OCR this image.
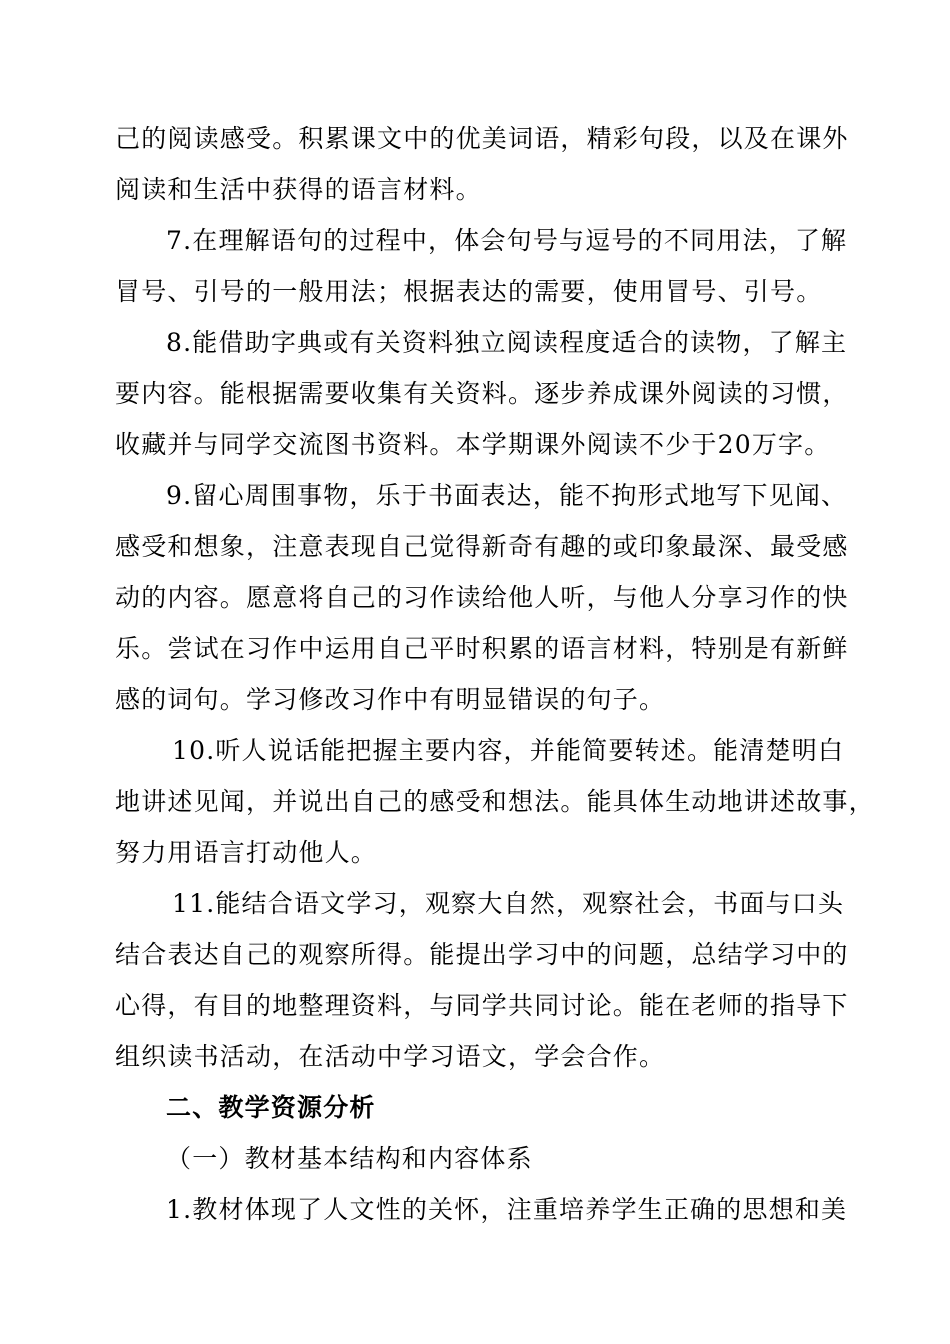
己的阅读感受。积累课文中的优美词语，精彩句段，以及在课外
阅读和生活中获得的语言材料。
7.在理解语句的过程中，体会句号与逗号的不同用法，了解
冒号、引号的一般用法；根据表达的需要，使用冒号、引号。
8.能借助字典或有关资料独立阅读程度适合的读物，了解主
要内容。能根据需要收集有关资料。逐步养成课外阅读的习惯，
收藏并与同学交流图书资料。本学期课外阅读不少于20万字。
9.留心周围事物，乐于书面表达，能不拘形式地写下见闻、
感受和想象，注意表现自己觉得新奇有趣的或印象最深、最受感
动的内容。愿意将自己的习作读给他人听，与他人分享习作的快
乐。尝试在习作中运用自己平时积累的语言材料，特别是有新鲜
感的词句。学习修改习作中有明显错误的句子。
10.听人说话能把握主要内容，并能简要转述。能清楚明白
地讲述见闻，并说出自己的感受和想法。能具体生动地讲述故事，
努力用语言打动他人。
11.能结合语文学习，观察大自然，观察社会，书面与口头
结合表达自己的观察所得。能提出学习中的问题，总结学习中的
心得，有目的地整理资料，与同学共同讨论。能在老师的指导下
组织读书活动，在活动中学习语文，学会合作。
二、教学资源分析
（一）教材基本结构和内容体系
1.教材体现了人文性的关怀，注重培养学生正确的思想和美
